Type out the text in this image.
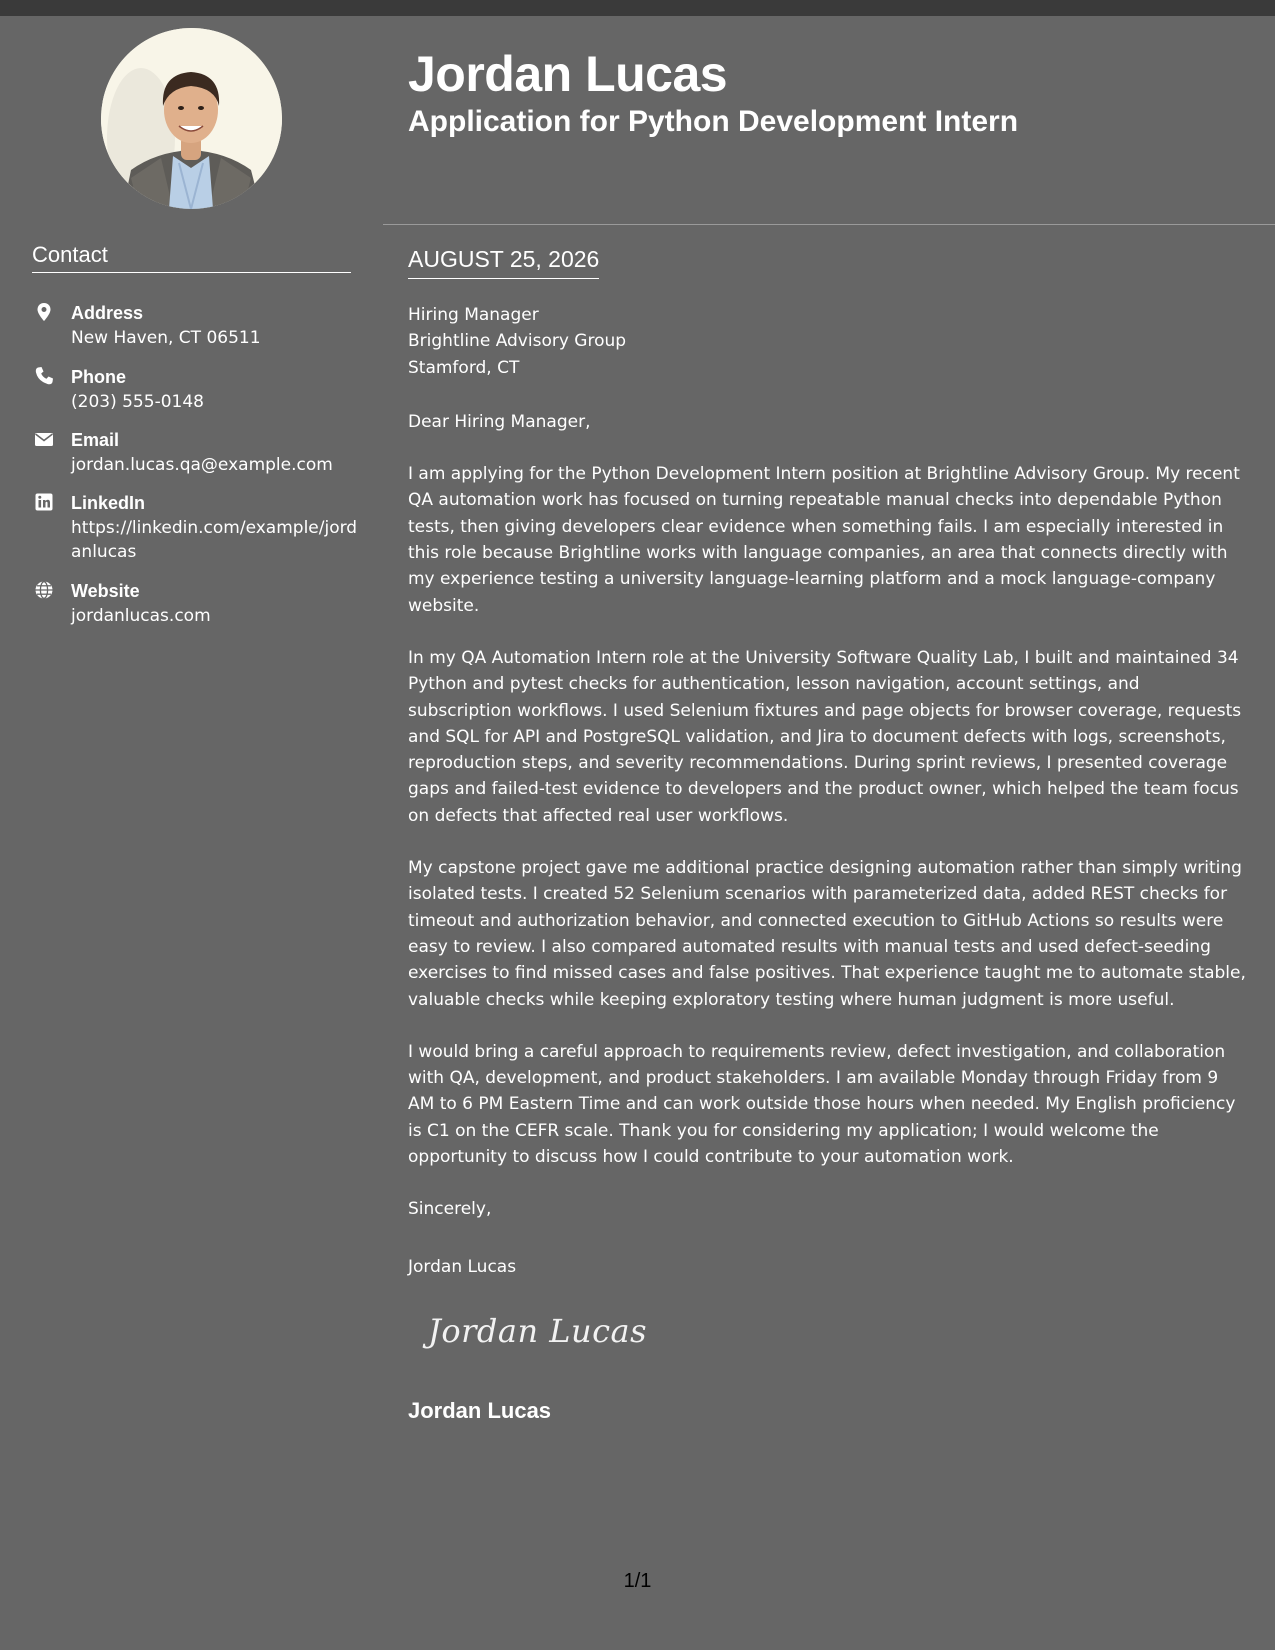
Contact
Address
New Haven, CT 06511
Phone
(203) 555-0148
Email
jordan.lucas.qa@example.com
LinkedIn
https://linkedin.com/example/jordanlucas
Website
jordanlucas.com
Jordan Lucas
Application for Python Development Intern
AUGUST 25, 2026
Hiring Manager
Brightline Advisory Group
Stamford, CT

Dear Hiring Manager,

I am applying for the Python Development Intern position at Brightline Advisory Group. My recent QA automation work has focused on turning repeatable manual checks into dependable Python tests, then giving developers clear evidence when something fails. I am especially interested in this role because Brightline works with language companies, an area that connects directly with my experience testing a university language-learning platform and a mock language-company website.

In my QA Automation Intern role at the University Software Quality Lab, I built and maintained 34 Python and pytest checks for authentication, lesson navigation, account settings, and subscription workflows. I used Selenium fixtures and page objects for browser coverage, requests and SQL for API and PostgreSQL validation, and Jira to document defects with logs, screenshots, reproduction steps, and severity recommendations. During sprint reviews, I presented coverage gaps and failed-test evidence to developers and the product owner, which helped the team focus on defects that affected real user workflows.

My capstone project gave me additional practice designing automation rather than simply writing isolated tests. I created 52 Selenium scenarios with parameterized data, added REST checks for timeout and authorization behavior, and connected execution to GitHub Actions so results were easy to review. I also compared automated results with manual tests and used defect-seeding exercises to find missed cases and false positives. That experience taught me to automate stable, valuable checks while keeping exploratory testing where human judgment is more useful.

I would bring a careful approach to requirements review, defect investigation, and collaboration with QA, development, and product stakeholders. I am available Monday through Friday from 9 AM to 6 PM Eastern Time and can work outside those hours when needed. My English proficiency is C1 on the CEFR scale. Thank you for considering my application; I would welcome the opportunity to discuss how I could contribute to your automation work.

Sincerely,

Jordan Lucas
Jordan Lucas
Jordan Lucas
1/1
